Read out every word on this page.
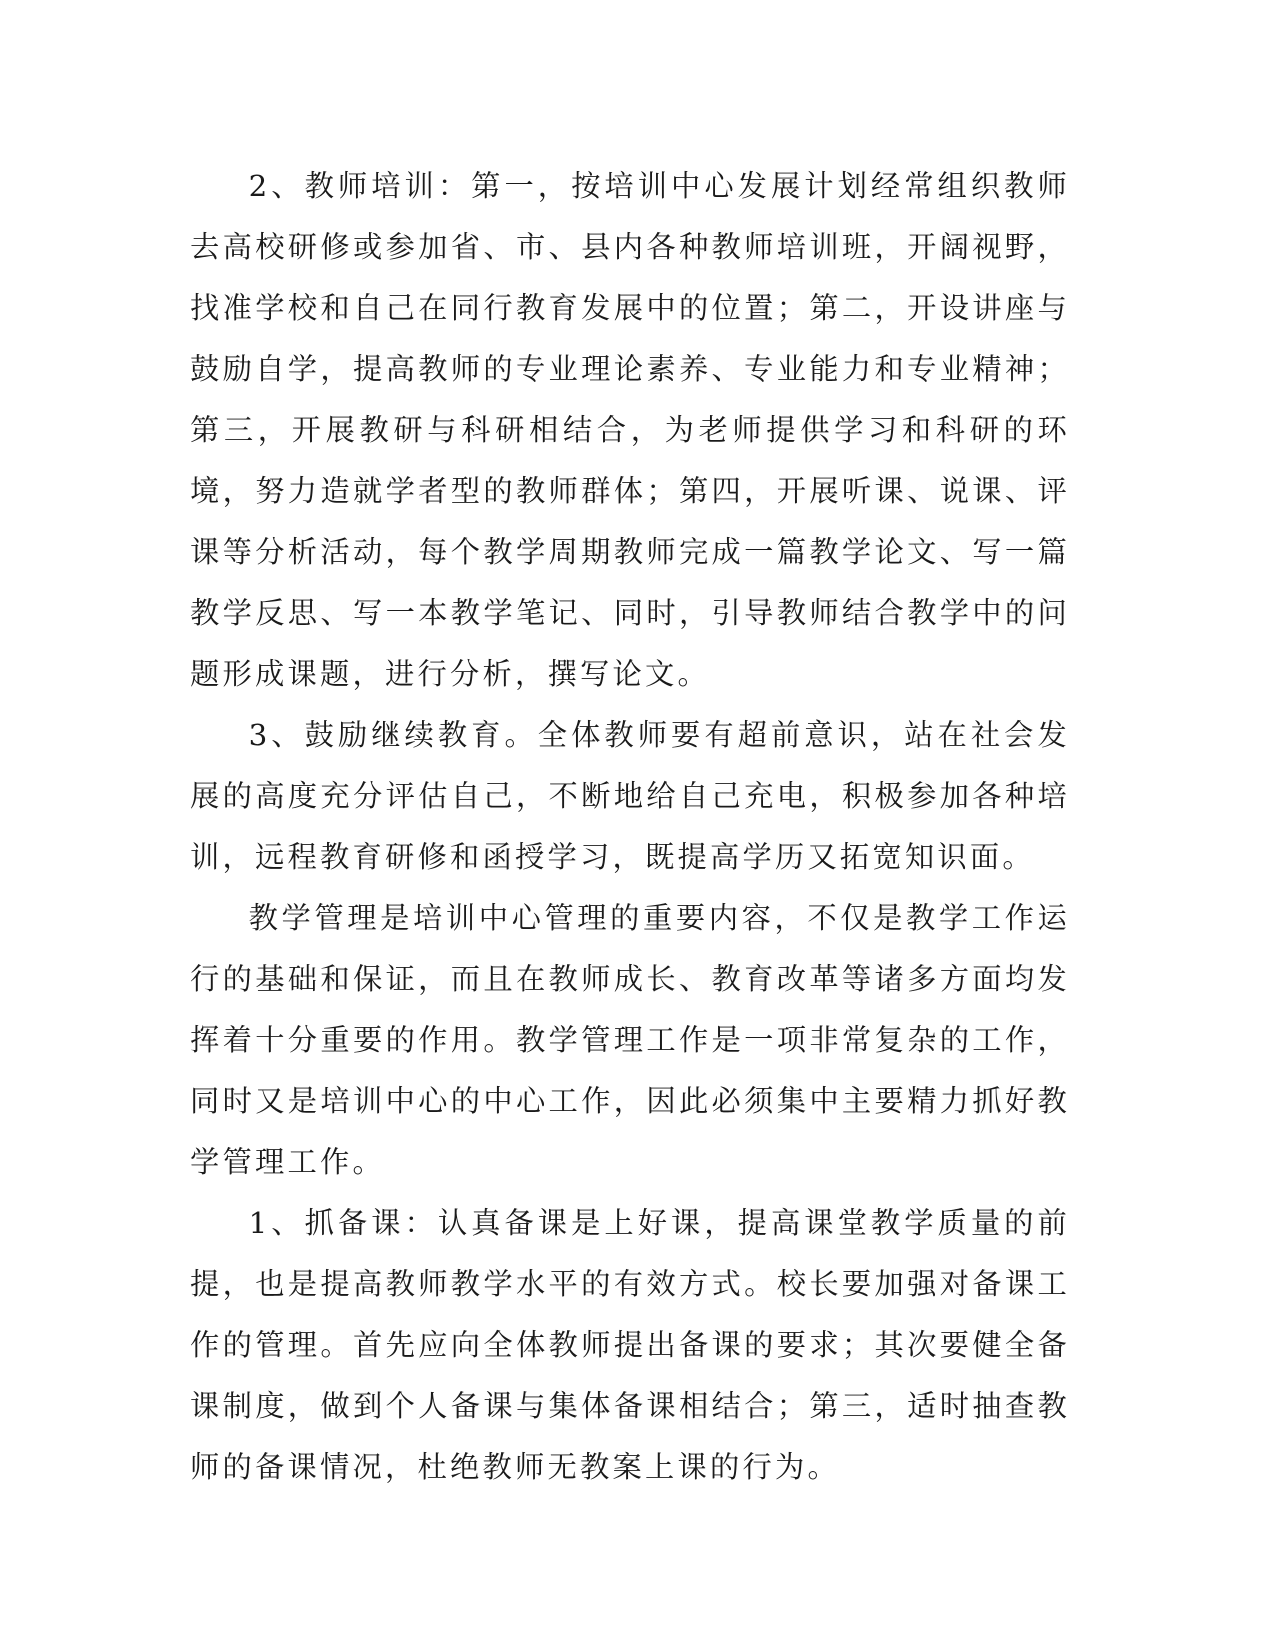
2、教师培训：第一，按培训中心发展计划经常组织教师去高校研修或参加省、市、县内各种教师培训班，开阔视野，找准学校和自己在同行教育发展中的位置；第二，开设讲座与鼓励自学，提高教师的专业理论素养、专业能力和专业精神；第三，开展教研与科研相结合，为老师提供学习和科研的环境，努力造就学者型的教师群体；第四，开展听课、说课、评课等分析活动，每个教学周期教师完成一篇教学论文、写一篇教学反思、写一本教学笔记、同时，引导教师结合教学中的问题形成课题，进行分析，撰写论文。

3、鼓励继续教育。全体教师要有超前意识，站在社会发展的高度充分评估自己，不断地给自己充电，积极参加各种培训，远程教育研修和函授学习，既提高学历又拓宽知识面。

教学管理是培训中心管理的重要内容，不仅是教学工作运行的基础和保证，而且在教师成长、教育改革等诸多方面均发挥着十分重要的作用。教学管理工作是一项非常复杂的工作，同时又是培训中心的中心工作，因此必须集中主要精力抓好教学管理工作。

1、抓备课：认真备课是上好课，提高课堂教学质量的前提，也是提高教师教学水平的有效方式。校长要加强对备课工作的管理。首先应向全体教师提出备课的要求；其次要健全备课制度，做到个人备课与集体备课相结合；第三，适时抽查教师的备课情况，杜绝教师无教案上课的行为。
